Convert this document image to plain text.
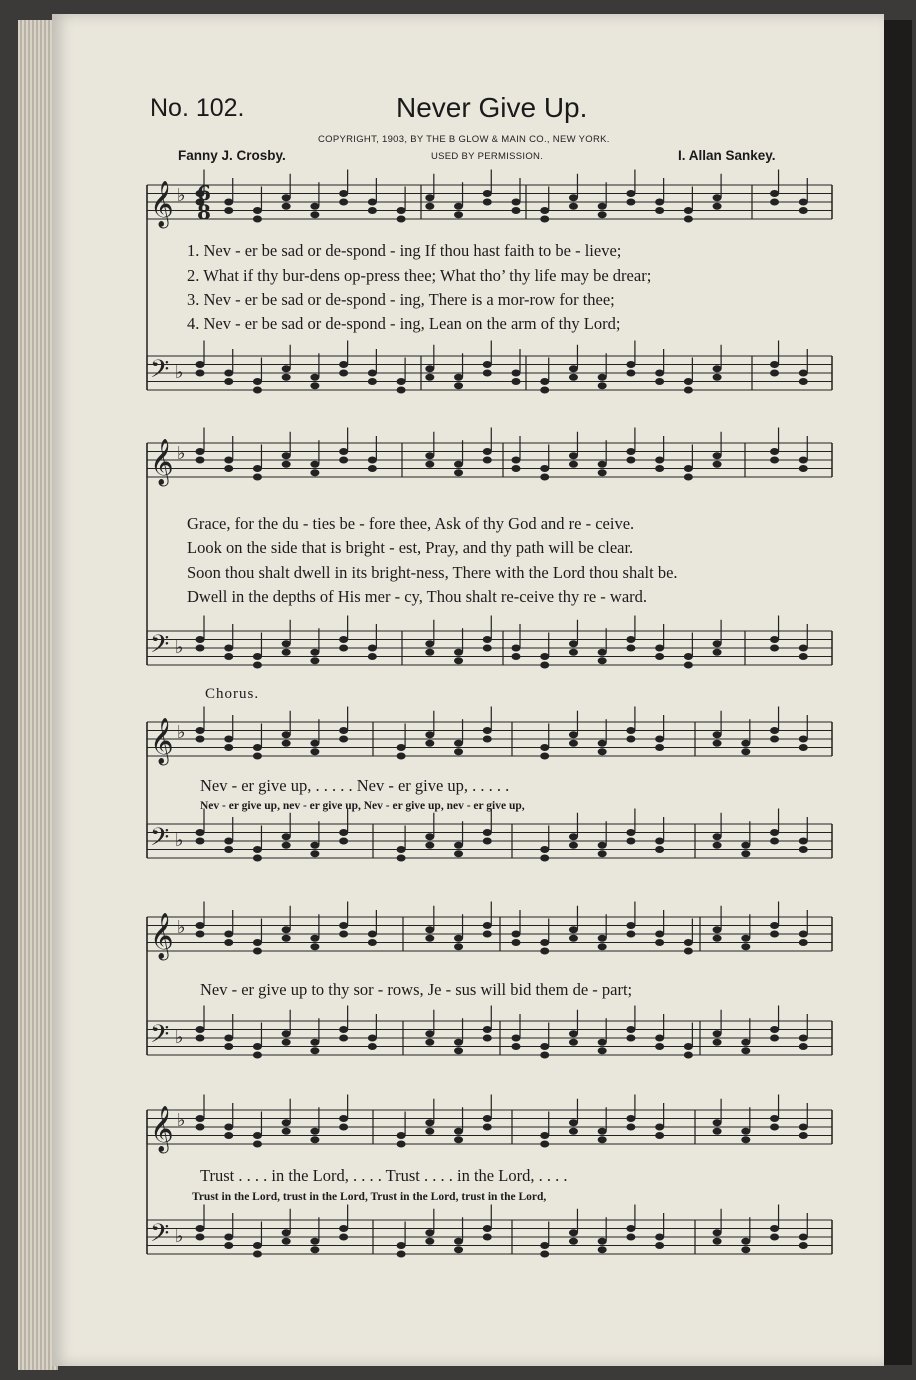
No. 102.	Never Give Up.
COPYRIGHT, 1903, BY THE B GLOW & MAIN CO., NEW YORK.
USED BY PERMISSION.
Fanny J. Crosby.	I. Allan Sankey.
𝄞 ♭
𝄢 ♭
𝄞 ♭
𝄢 ♭
𝄞 ♭
𝄢 ♭
𝄞 ♭
𝄢 ♭
𝄞 ♭
𝄢 ♭
6
8
1. Nev - er be sad or de-spond - ing If thou hast faith to be - lieve;
2. What if thy bur-dens op-press thee; What tho’ thy life may be drear;
3. Nev - er be sad or de-spond - ing, There is a mor-row for thee;
4. Nev - er be sad or de-spond - ing, Lean on the arm of thy Lord;
Grace, for the du - ties be - fore thee, Ask of thy God and re - ceive.
Look on the side that is bright - est, Pray, and thy path will be clear.
Soon thou shalt dwell in its bright-ness, There with the Lord thou shalt be.
Dwell in the depths of His mer - cy, Thou shalt re-ceive thy re - ward.
Chorus.
Nev - er give up, . . . . . Nev - er give up, . . . . .
Nev - er give up, nev - er give up, Nev - er give up, nev - er give up,
Nev - er give up to thy sor - rows, Je - sus will bid them de - part;
Trust . . . . in the Lord, . . . . Trust . . . . in the Lord, . . . .
Trust in the Lord, trust in the Lord, Trust in the Lord, trust in the Lord,
